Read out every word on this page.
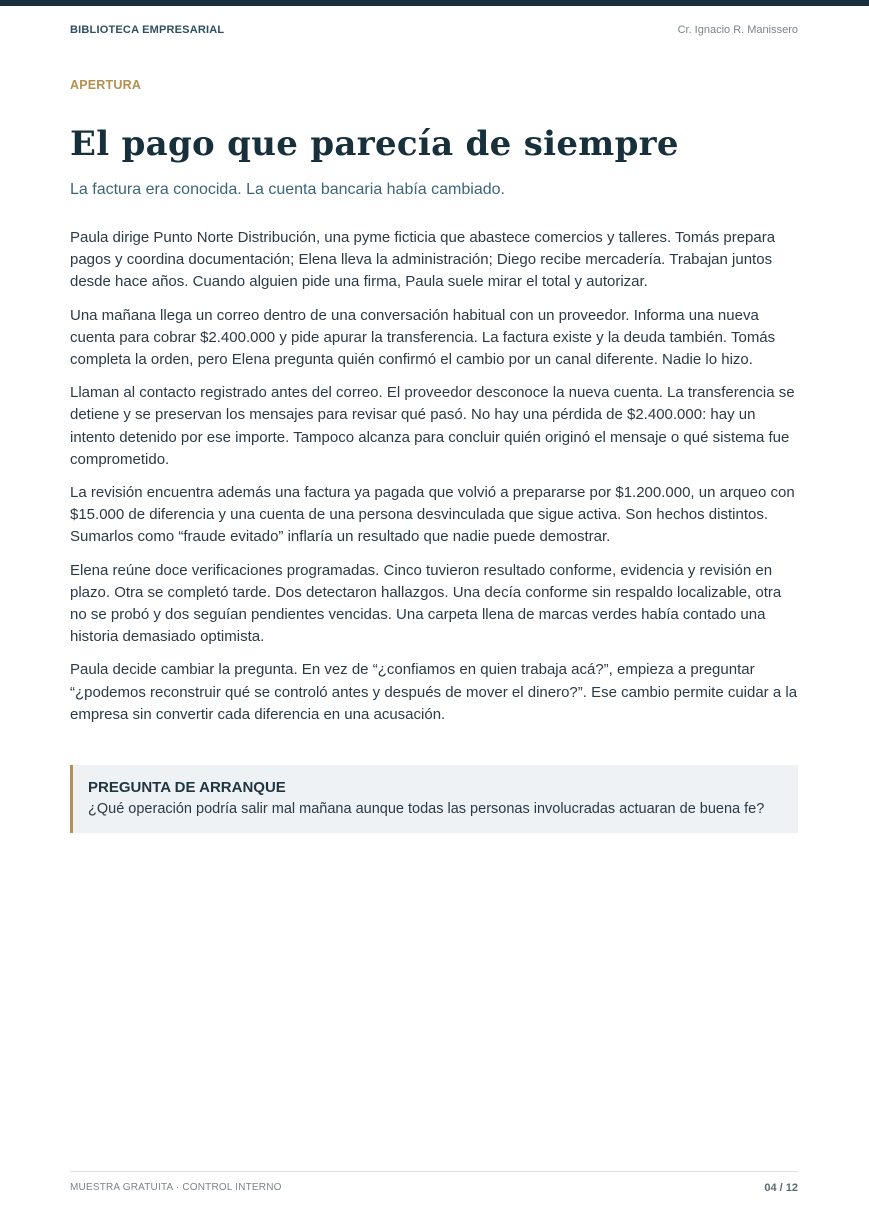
BIBLIOTECA EMPRESARIAL	Cr. Ignacio R. Manissero
APERTURA
El pago que parecía de siempre
La factura era conocida. La cuenta bancaria había cambiado.

Paula dirige Punto Norte Distribución, una pyme ficticia que abastece comercios y talleres. Tomás prepara pagos y coordina documentación; Elena lleva la administración; Diego recibe mercadería. Trabajan juntos desde hace años. Cuando alguien pide una firma, Paula suele mirar el total y autorizar.

Una mañana llega un correo dentro de una conversación habitual con un proveedor. Informa una nueva cuenta para cobrar $2.400.000 y pide apurar la transferencia. La factura existe y la deuda también. Tomás completa la orden, pero Elena pregunta quién confirmó el cambio por un canal diferente. Nadie lo hizo.

Llaman al contacto registrado antes del correo. El proveedor desconoce la nueva cuenta. La transferencia se detiene y se preservan los mensajes para revisar qué pasó. No hay una pérdida de $2.400.000: hay un intento detenido por ese importe. Tampoco alcanza para concluir quién originó el mensaje o qué sistema fue comprometido.

La revisión encuentra además una factura ya pagada que volvió a prepararse por $1.200.000, un arqueo con $15.000 de diferencia y una cuenta de una persona desvinculada que sigue activa. Son hechos distintos. Sumarlos como “fraude evitado” inflaría un resultado que nadie puede demostrar.

Elena reúne doce verificaciones programadas. Cinco tuvieron resultado conforme, evidencia y revisión en plazo. Otra se completó tarde. Dos detectaron hallazgos. Una decía conforme sin respaldo localizable, otra no se probó y dos seguían pendientes vencidas. Una carpeta llena de marcas verdes había contado una historia demasiado optimista.

Paula decide cambiar la pregunta. En vez de “¿confiamos en quien trabaja acá?”, empieza a preguntar “¿podemos reconstruir qué se controló antes y después de mover el dinero?”. Ese cambio permite cuidar a la empresa sin convertir cada diferencia en una acusación.

PREGUNTA DE ARRANQUE
¿Qué operación podría salir mal mañana aunque todas las personas involucradas actuaran de buena fe?
MUESTRA GRATUITA · CONTROL INTERNO	04 / 12
